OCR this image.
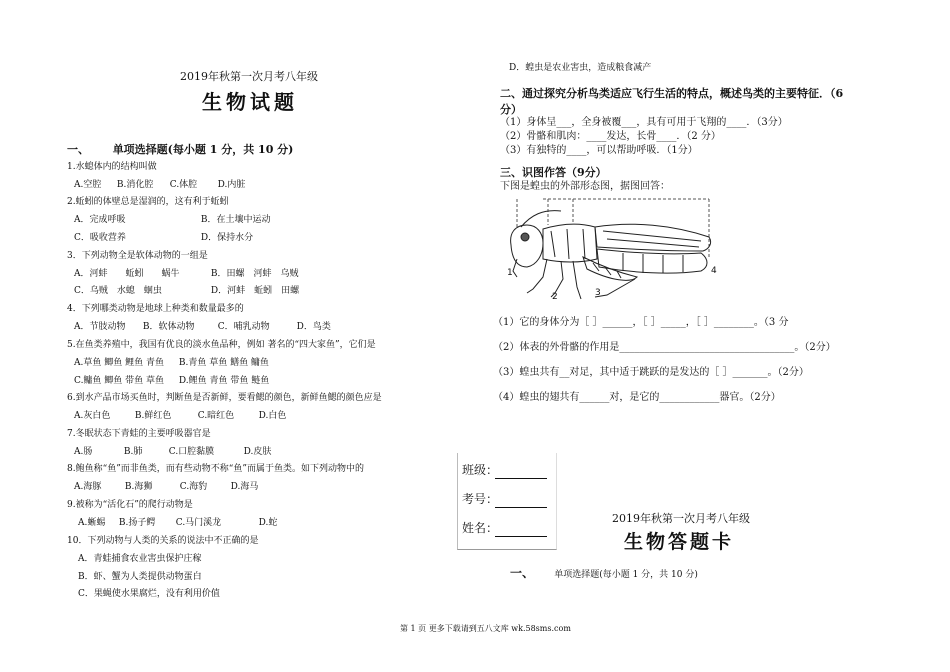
2019年秋第一次月考八年级
生物试题
一、 单项选择题(每小题 1 分，共 10 分)
1.水螅体内的结构叫做
A.空腔 B.消化腔 C.体腔 D.内脏
2.蚯蚓的体壁总是湿润的，这有利于蚯蚓
A．完成呼吸	B．在土壤中运动
C．吸收营养	D．保持水分
3．下列动物全是软体动物的一组是
A．河蚌　　蚯蚓　　蜗牛	B．田螺　河蚌　乌贼
C．乌贼　水螅　蛔虫	D．河蚌　蚯蚓　田螺
4．下列哪类动物是地球上种类和数量最多的
A．节肢动物 B．软体动物	C．哺乳动物	D．鸟类
5.在鱼类养殖中，我国有优良的淡水鱼品种，例如 著名的“四大家鱼”，它们是
A.草鱼 鲫鱼 鲤鱼 青鱼 B.青鱼 草鱼 鳝鱼 鳙鱼
C.鳙鱼 鲫鱼 带鱼 草鱼 D.鲤鱼 青鱼 带鱼 鲢鱼
6.到水产品市场买鱼时，判断鱼是否新鲜，要看鳃的颜色，新鲜鱼鳃的颜色应是
A.灰白色	B.鲜红色	C.暗红色	D.白色
7.冬眠状态下青蛙的主要呼吸器官是
A.肠	B.肺	C.口腔黏膜	D.皮肤
8.鲍鱼称“鱼”而非鱼类，而有些动物不称“鱼”而属于鱼类。如下列动物中的
A.海豚	B.海狮	C.海豹	D.海马
9.被称为“活化石”的爬行动物是
A.蜥蜴 B.扬子鳄 C.马门溪龙	D.蛇
10．下列动物与人类的关系的说法中不正确的是
A．青蛙捕食农业害虫保护庄稼
B．虾、蟹为人类提供动物蛋白
C．果蝇使水果腐烂，没有利用价值
第 1 页 更多下载请到五八文库 wk.58sms.com
D．蝗虫是农业害虫，造成粮食减产
二、通过探究分析鸟类适应飞行生活的特点，概述鸟类的主要特征．（6
分）
（1）身体呈___，全身被覆___，具有可用于飞翔的____．（3分）
（2）骨骼和肌肉：____发达，长骨____．（2 分）
（3）有独特的____，可以帮助呼吸．（1分）
三、识图作答（9分）
下图是蝗虫的外部形态图，据图回答：
1
2	3
4
（1）它的身体分为［ ］______，［ ］_____，［ ］________。（3 分
（2）体表的外骨骼的作用是___________________________________。（2分）
（3）蝗虫共有__对足，其中适于跳跃的是发达的［ ］_______。（2分）
（4）蝗虫的翅共有______对，是它的____________器官。（2分）
班级：
考号：
姓名：
2019年秋第一次月考八年级
生物答题卡
一、 单项选择题(每小题 1 分，共 10 分)
